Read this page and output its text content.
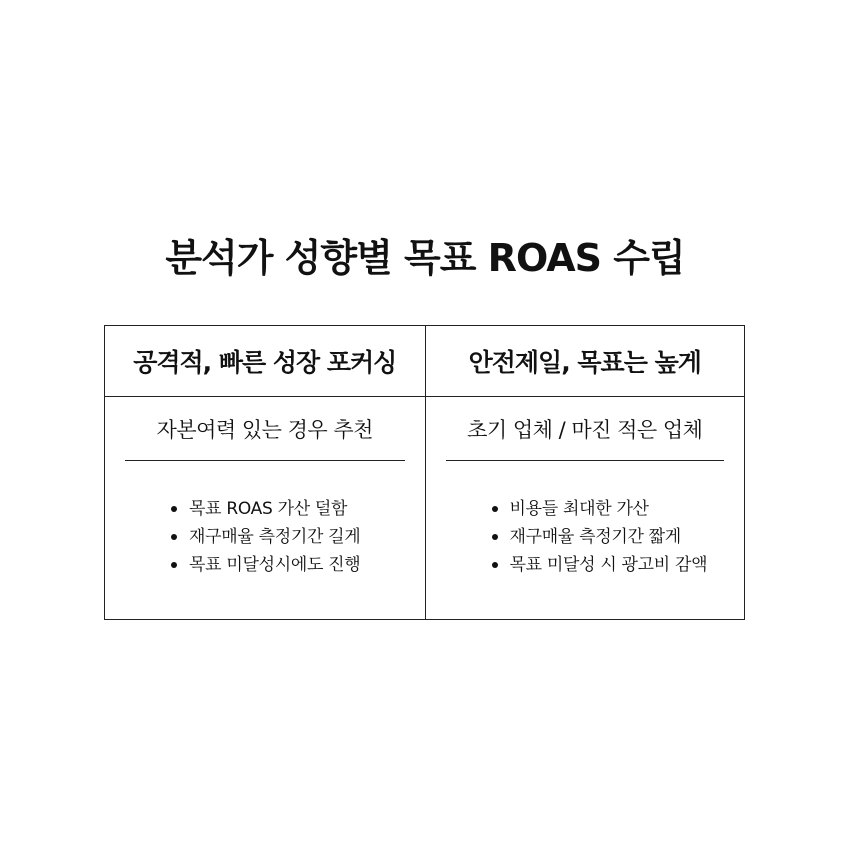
분석가 성향별 목표 ROAS 수립
공격적, 빠른 성장 포커싱
자본여력 있는 경우 추천
목표 ROAS 가산 덜함
재구매율 측정기간 길게
목표 미달성시에도 진행
안전제일, 목표는 높게
초기 업체 / 마진 적은 업체
비용들 최대한 가산
재구매율 측정기간 짧게
목표 미달성 시 광고비 감액
